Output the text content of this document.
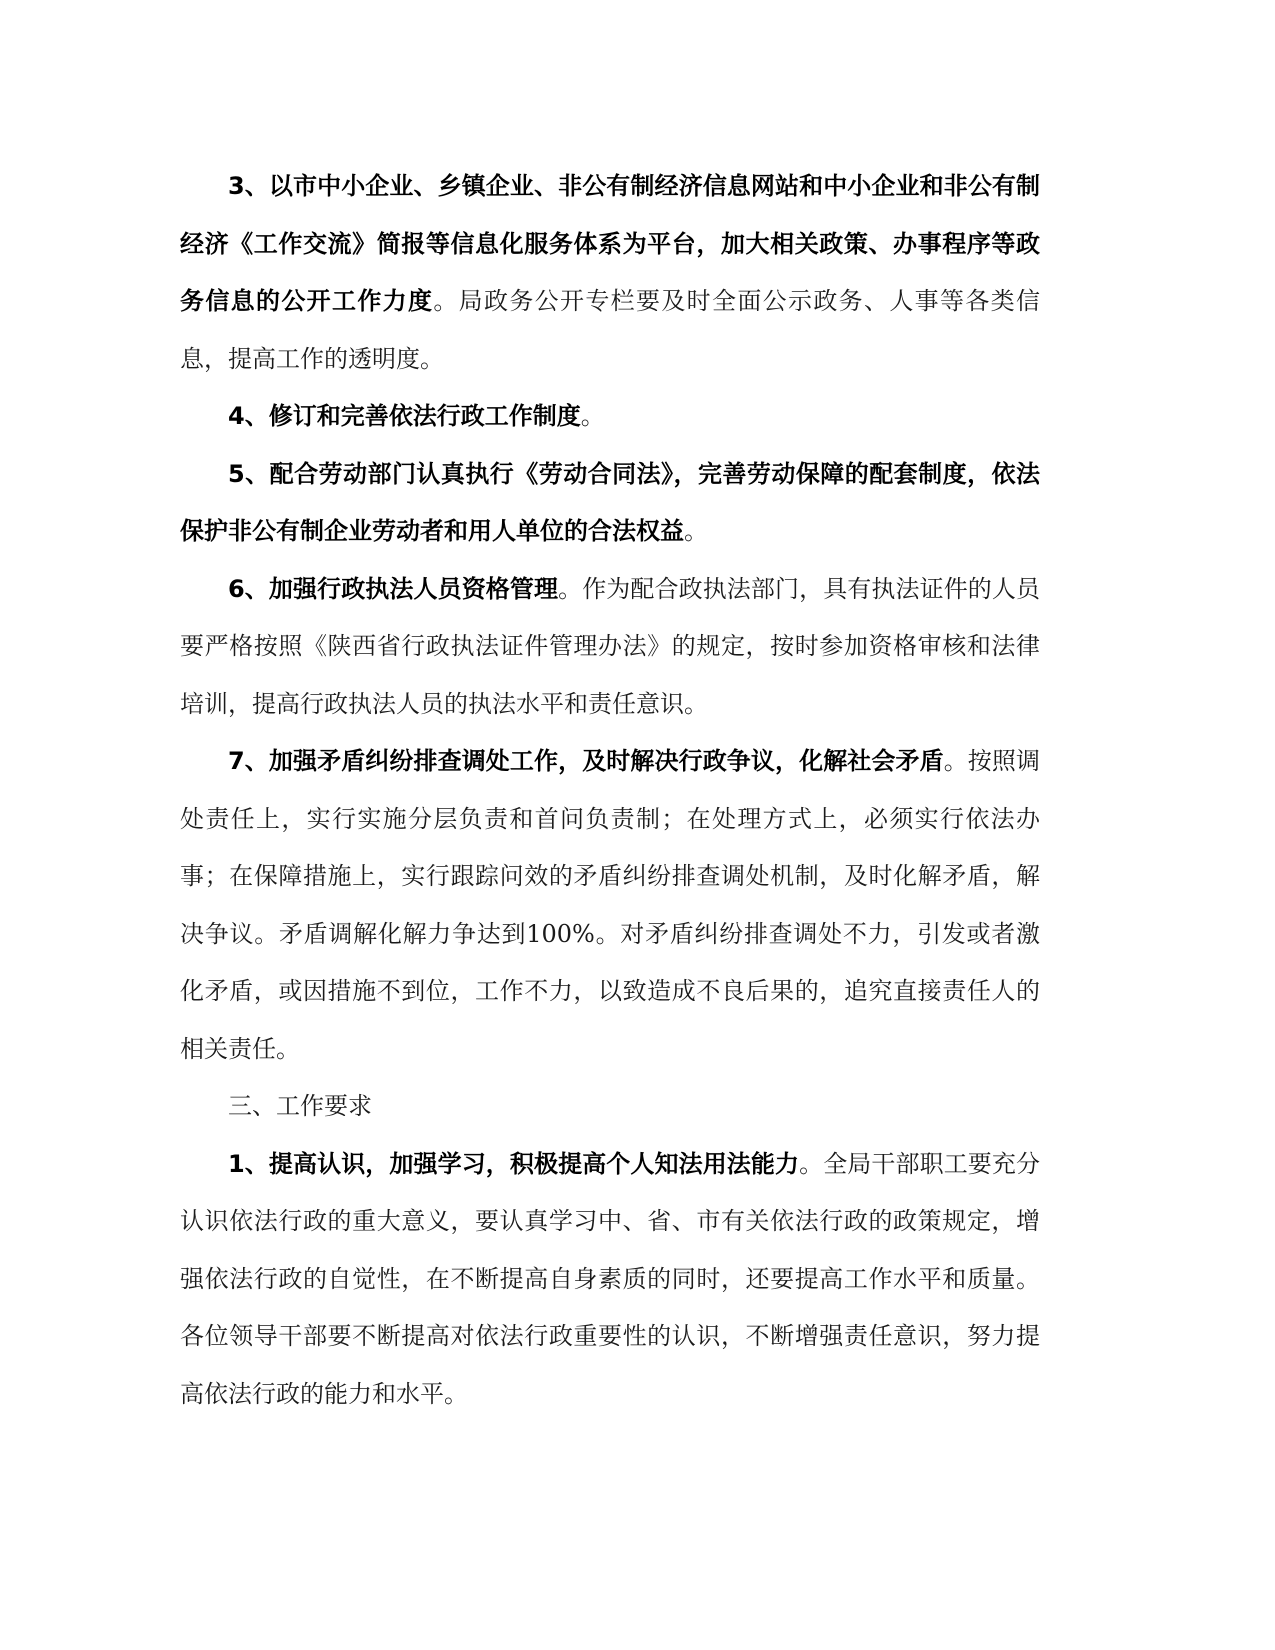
3、以市中小企业、乡镇企业、非公有制经济信息网站和中小企业和非公有制经济《工作交流》简报等信息化服务体系为平台，加大相关政策、办事程序等政务信息的公开工作力度。局政务公开专栏要及时全面公示政务、人事等各类信息，提高工作的透明度。

4、修订和完善依法行政工作制度。

5、配合劳动部门认真执行《劳动合同法》，完善劳动保障的配套制度，依法保护非公有制企业劳动者和用人单位的合法权益。

6、加强行政执法人员资格管理。作为配合政执法部门，具有执法证件的人员要严格按照《陕西省行政执法证件管理办法》的规定，按时参加资格审核和法律培训，提高行政执法人员的执法水平和责任意识。

7、加强矛盾纠纷排查调处工作，及时解决行政争议，化解社会矛盾。按照调处责任上，实行实施分层负责和首问负责制；在处理方式上，必须实行依法办事；在保障措施上，实行跟踪问效的矛盾纠纷排查调处机制，及时化解矛盾，解决争议。矛盾调解化解力争达到100%。对矛盾纠纷排查调处不力，引发或者激化矛盾，或因措施不到位，工作不力，以致造成不良后果的，追究直接责任人的相关责任。

三、工作要求

1、提高认识，加强学习，积极提高个人知法用法能力。全局干部职工要充分认识依法行政的重大意义，要认真学习中、省、市有关依法行政的政策规定，增强依法行政的自觉性，在不断提高自身素质的同时，还要提高工作水平和质量。各位领导干部要不断提高对依法行政重要性的认识，不断增强责任意识，努力提高依法行政的能力和水平。
